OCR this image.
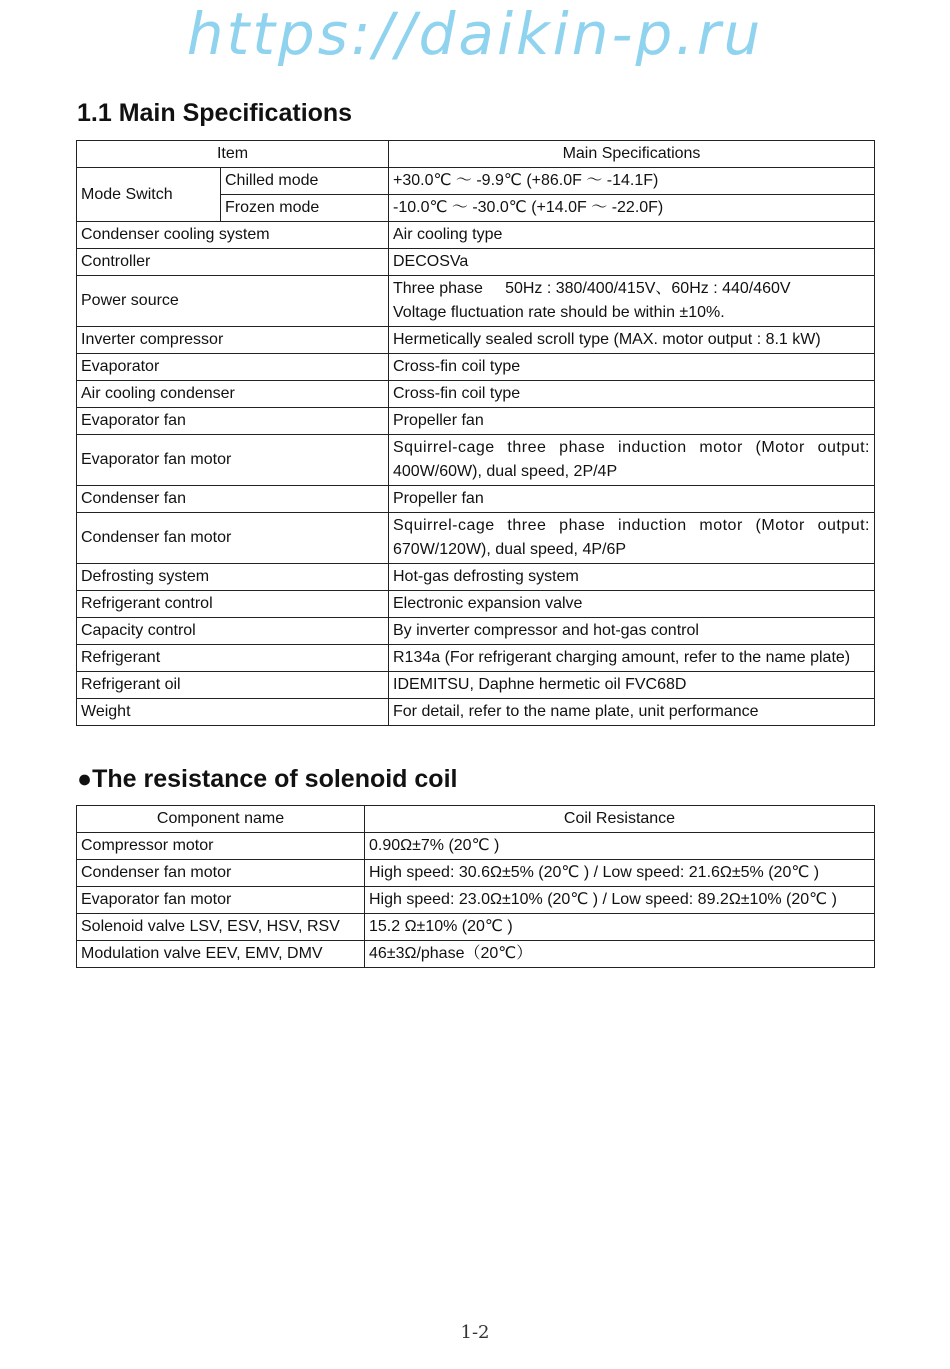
https://daikin-p.ru
1.1 Main Specifications
Item		Main Specifications
Mode Switch	Chilled mode	+30.0℃ ～ -9.9℃ (+86.0F ～ -14.1F)
	Frozen mode	-10.0℃ ～ -30.0℃ (+14.0F ～ -22.0F)
Condenser cooling system		Air cooling type
Controller		DECOSVa
Power source		Three phase     50Hz : 380/400/415V、60Hz : 440/460V
Voltage fluctuation rate should be within ±10%.

Inverter compressor		Hermetically sealed scroll type (MAX. motor output : 8.1 kW)
Evaporator		Cross-fin coil type
Air cooling condenser		Cross-fin coil type
Evaporator fan		Propeller fan
Evaporator fan motor		Squirrel-cage three phase induction motor (Motor output:
400W/60W), dual speed, 2P/4P

Condenser fan		Propeller fan
Condenser fan motor		Squirrel-cage three phase induction motor (Motor output:
670W/120W), dual speed, 4P/6P

Defrosting system		Hot-gas defrosting system
Refrigerant control		Electronic expansion valve
Capacity control		By inverter compressor and hot-gas control
Refrigerant		R134a (For refrigerant charging amount, refer to the name plate)
Refrigerant oil		IDEMITSU, Daphne hermetic oil FVC68D
Weight		For detail, refer to the name plate, unit performance
●The resistance of solenoid coil
Component name	Coil Resistance
Compressor motor	0.90Ω±7% (20℃ )
Condenser fan motor	High speed: 30.6Ω±5% (20℃ ) / Low speed: 21.6Ω±5% (20℃ )
Evaporator fan motor	High speed: 23.0Ω±10% (20℃ ) / Low speed: 89.2Ω±10% (20℃ )
Solenoid valve LSV, ESV, HSV, RSV	15.2 Ω±10% (20℃ )
Modulation valve EEV, EMV, DMV	46±3Ω/phase（20℃）
1-2
